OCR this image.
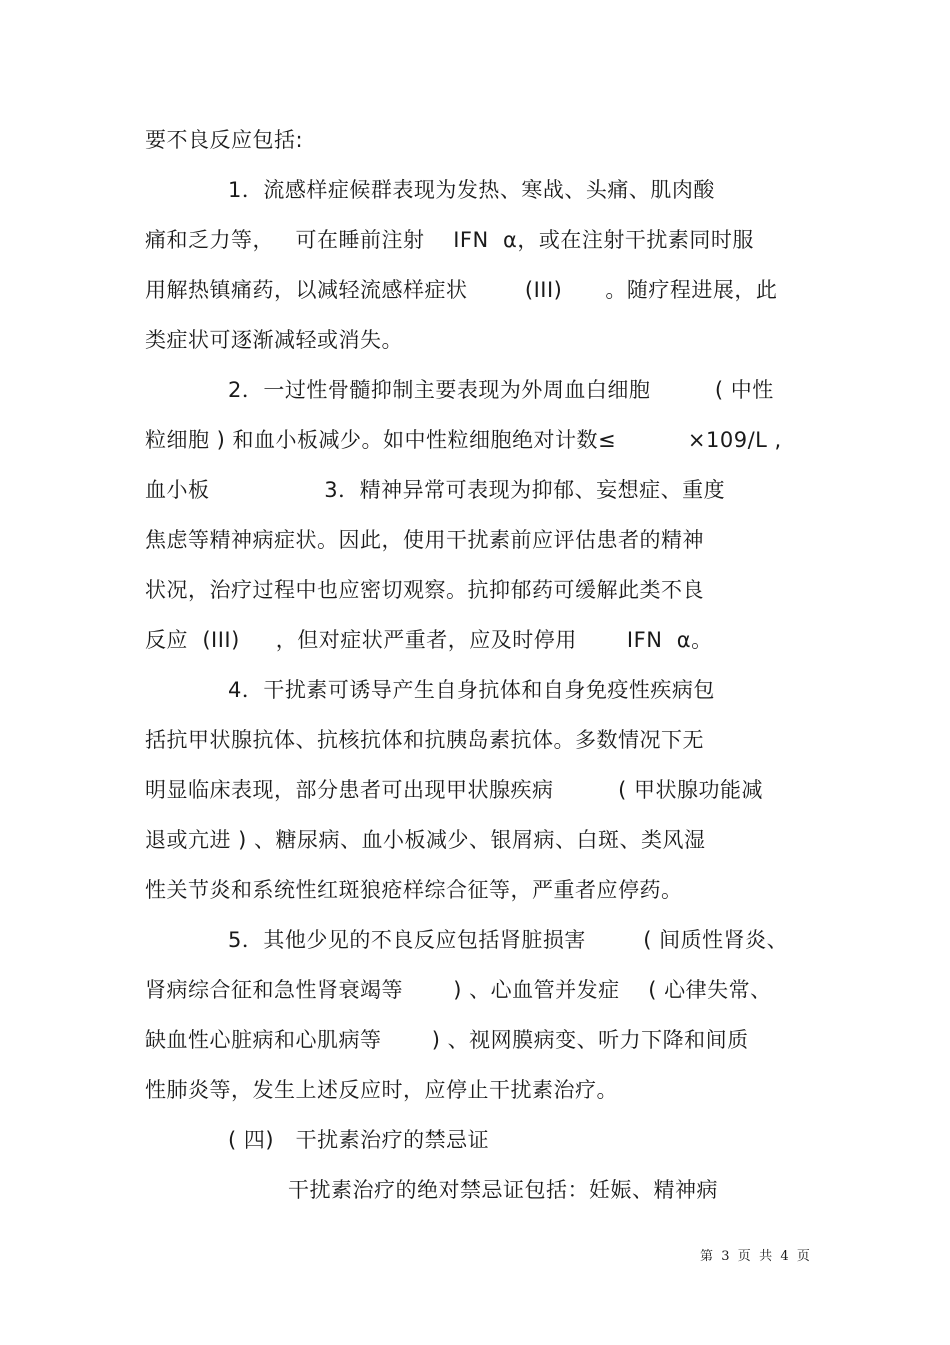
要不良反应包括:
1．流感样症候群表现为发热、寒战、头痛、肌肉酸
痛和乏力等，   可在睡前注射    IFN  α，或在注射干扰素同时服
用解热镇痛药，以减轻流感样症状        (III)      。随疗程进展，此
类症状可逐渐减轻或消失。
2．一过性骨髓抑制主要表现为外周血白细胞         ( 中性
粒细胞 ) 和血小板减少。如中性粒细胞绝对计数≤          ×109/L ,
血小板                3．精神异常可表现为抑郁、妄想症、重度
焦虑等精神病症状。因此，使用干扰素前应评估患者的精神
状况，治疗过程中也应密切观察。抗抑郁药可缓解此类不良
反应  (III)     ，但对症状严重者，应及时停用       IFN  α。
4．干扰素可诱导产生自身抗体和自身免疫性疾病包
括抗甲状腺抗体、抗核抗体和抗胰岛素抗体。多数情况下无
明显临床表现，部分患者可出现甲状腺疾病         ( 甲状腺功能减
退或亢进 ) 、糖尿病、血小板减少、银屑病、白斑、类风湿
性关节炎和系统性红斑狼疮样综合征等，严重者应停药。
5．其他少见的不良反应包括肾脏损害        ( 间质性肾炎、
肾病综合征和急性肾衰竭等       ) 、心血管并发症    ( 心律失常、
缺血性心脏病和心肌病等       ) 、视网膜病变、听力下降和间质
性肺炎等，发生上述反应时，应停止干扰素治疗。
( 四)   干扰素治疗的禁忌证
干扰素治疗的绝对禁忌证包括：妊娠、精神病
第  3  页  共  4  页
